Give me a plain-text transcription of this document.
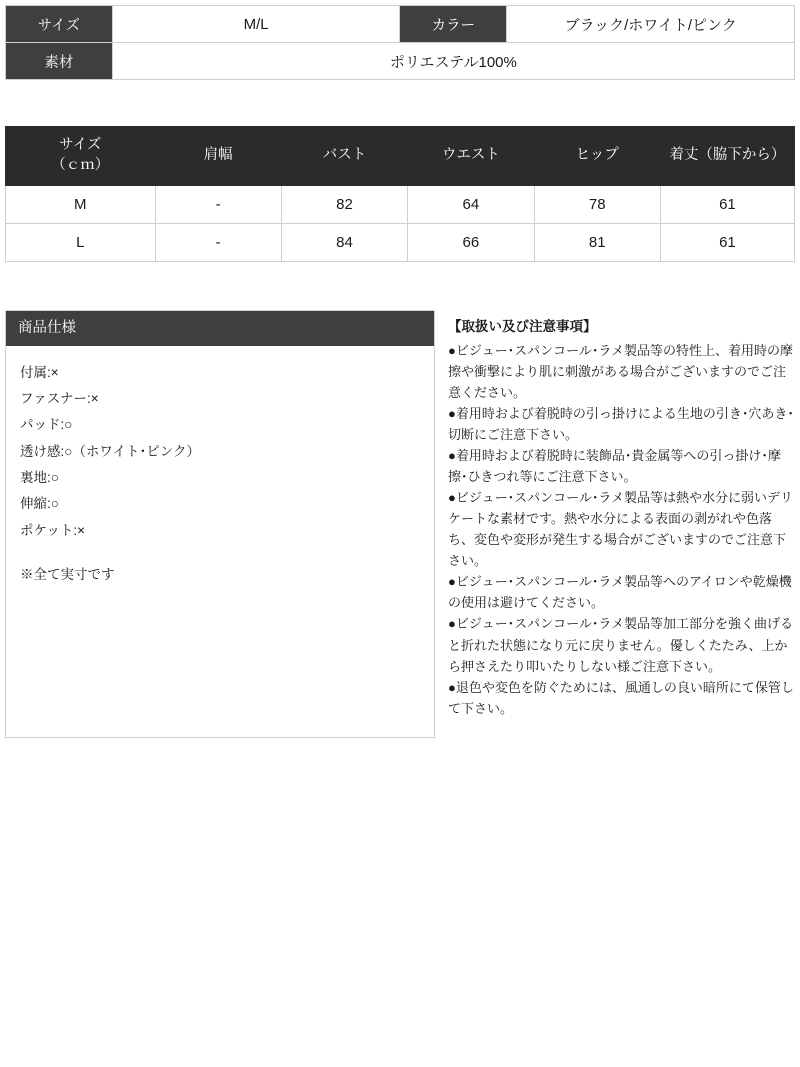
サイズ	M/L	カラー	ブラック/ホワイト/ピンク
素材	ポリエステル100%		
サイズ
（ｃｍ）	肩幅	バスト	ウエスト	ヒップ	着丈（脇下から）
M	-	82	64	78	61
L	-	84	66	81	61
商品仕様
付属:×
ファスナー:×
パッド:○
透け感:○（ホワイト･ピンク）
裏地:○
伸縮:○
ポケット:×
※全て実寸です
【取扱い及び注意事項】

●ビジュー･スパンコール･ラメ製品等の特性上、着用時の摩擦や衝撃により肌に刺激がある場合がございますのでご注意ください。

●着用時および着脱時の引っ掛けによる生地の引き･穴あき･切断にご注意下さい。

●着用時および着脱時に装飾品･貴金属等への引っ掛け･摩擦･ひきつれ等にご注意下さい。

●ビジュー･スパンコール･ラメ製品等は熱や水分に弱いデリケートな素材です。熱や水分による表面の剥がれや色落ち、変色や変形が発生する場合がございますのでご注意下さい。

●ビジュー･スパンコール･ラメ製品等へのアイロンや乾燥機の使用は避けてください。

●ビジュー･スパンコール･ラメ製品等加工部分を強く曲げると折れた状態になり元に戻りません。優しくたたみ、上から押さえたり叩いたりしない様ご注意下さい。

●退色や変色を防ぐためには、風通しの良い暗所にて保管して下さい。
